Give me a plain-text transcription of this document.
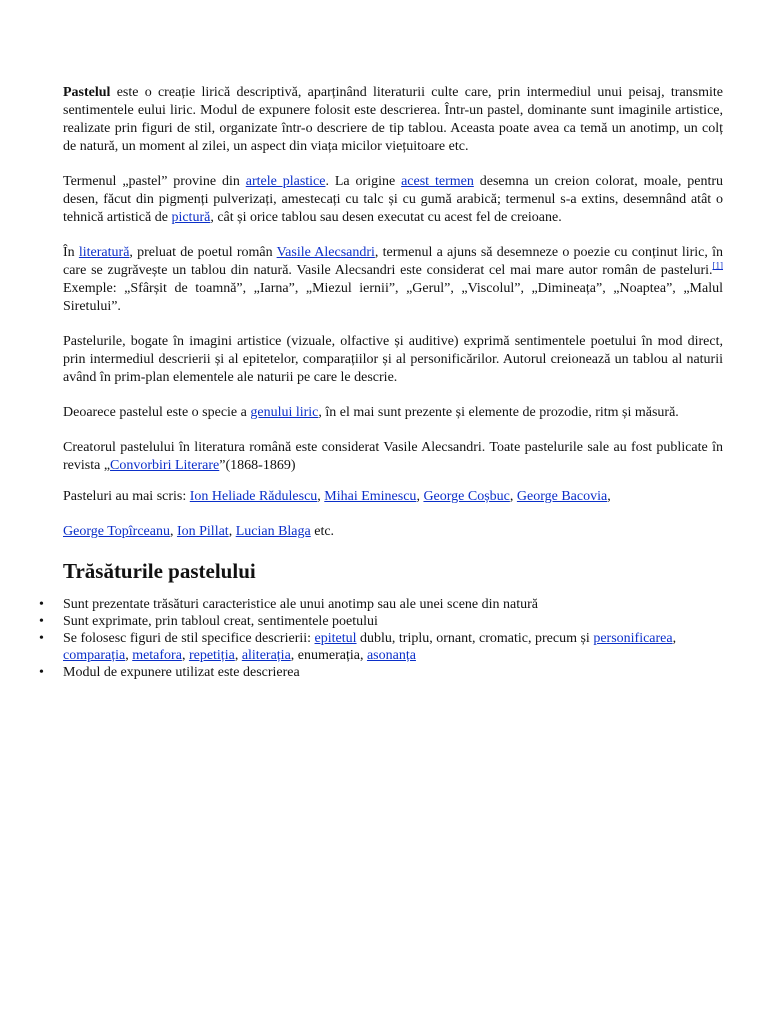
Pastelul este o creație lirică descriptivă, aparținând literaturii culte care, prin intermediul unui peisaj, transmite sentimentele eului liric. Modul de expunere folosit este descrierea. Într-un pastel, dominante sunt imaginile artistice, realizate prin figuri de stil, organizate într-o descriere de tip tablou. Aceasta poate avea ca temă un anotimp, un colț de natură, un moment al zilei, un aspect din viața micilor viețuitoare etc.

Termenul „pastel” provine din artele plastice. La origine acest termen desemna un creion colorat, moale, pentru desen, făcut din pigmenți pulverizați, amestecați cu talc și cu gumă arabică; termenul s-a extins, desemnând atât o tehnică artistică de pictură, cât și orice tablou sau desen executat cu acest fel de creioane.

În literatură, preluat de poetul român Vasile Alecsandri, termenul a ajuns să desemneze o poezie cu conținut liric, în care se zugrăvește un tablou din natură. Vasile Alecsandri este considerat cel mai mare autor român de pasteluri.[1] Exemple: „Sfârșit de toamnă”, „Iarna”, „Miezul iernii”, „Gerul”, „Viscolul”, „Dimineața”, „Noaptea”, „Malul Siretului”.

Pastelurile, bogate în imagini artistice (vizuale, olfactive și auditive) exprimă sentimentele poetului în mod direct, prin intermediul descrierii și al epitetelor, comparațiilor și al personificărilor. Autorul creionează un tablou al naturii având în prim-plan elementele ale naturii pe care le descrie.

Deoarece pastelul este o specie a genului liric, în el mai sunt prezente și elemente de prozodie, ritm și măsură.

Creatorul pastelului în literatura română este considerat Vasile Alecsandri. Toate pastelurile sale au fost publicate în revista „Convorbiri Literare”(1868-1869)

Pasteluri au mai scris: Ion Heliade Rădulescu, Mihai Eminescu, George Coșbuc, George Bacovia,

George Topîrceanu, Ion Pillat, Lucian Blaga etc.

Trăsăturile pastelului
• Sunt prezentate trăsături caracteristice ale unui anotimp sau ale unei scene din natură
• Sunt exprimate, prin tabloul creat, sentimentele poetului
• Se folosesc figuri de stil specifice descrierii: epitetul dublu, triplu, ornant, cromatic, precum și personificarea, comparația, metafora, repetiția, aliterația, enumerația, asonanța
• Modul de expunere utilizat este descrierea
